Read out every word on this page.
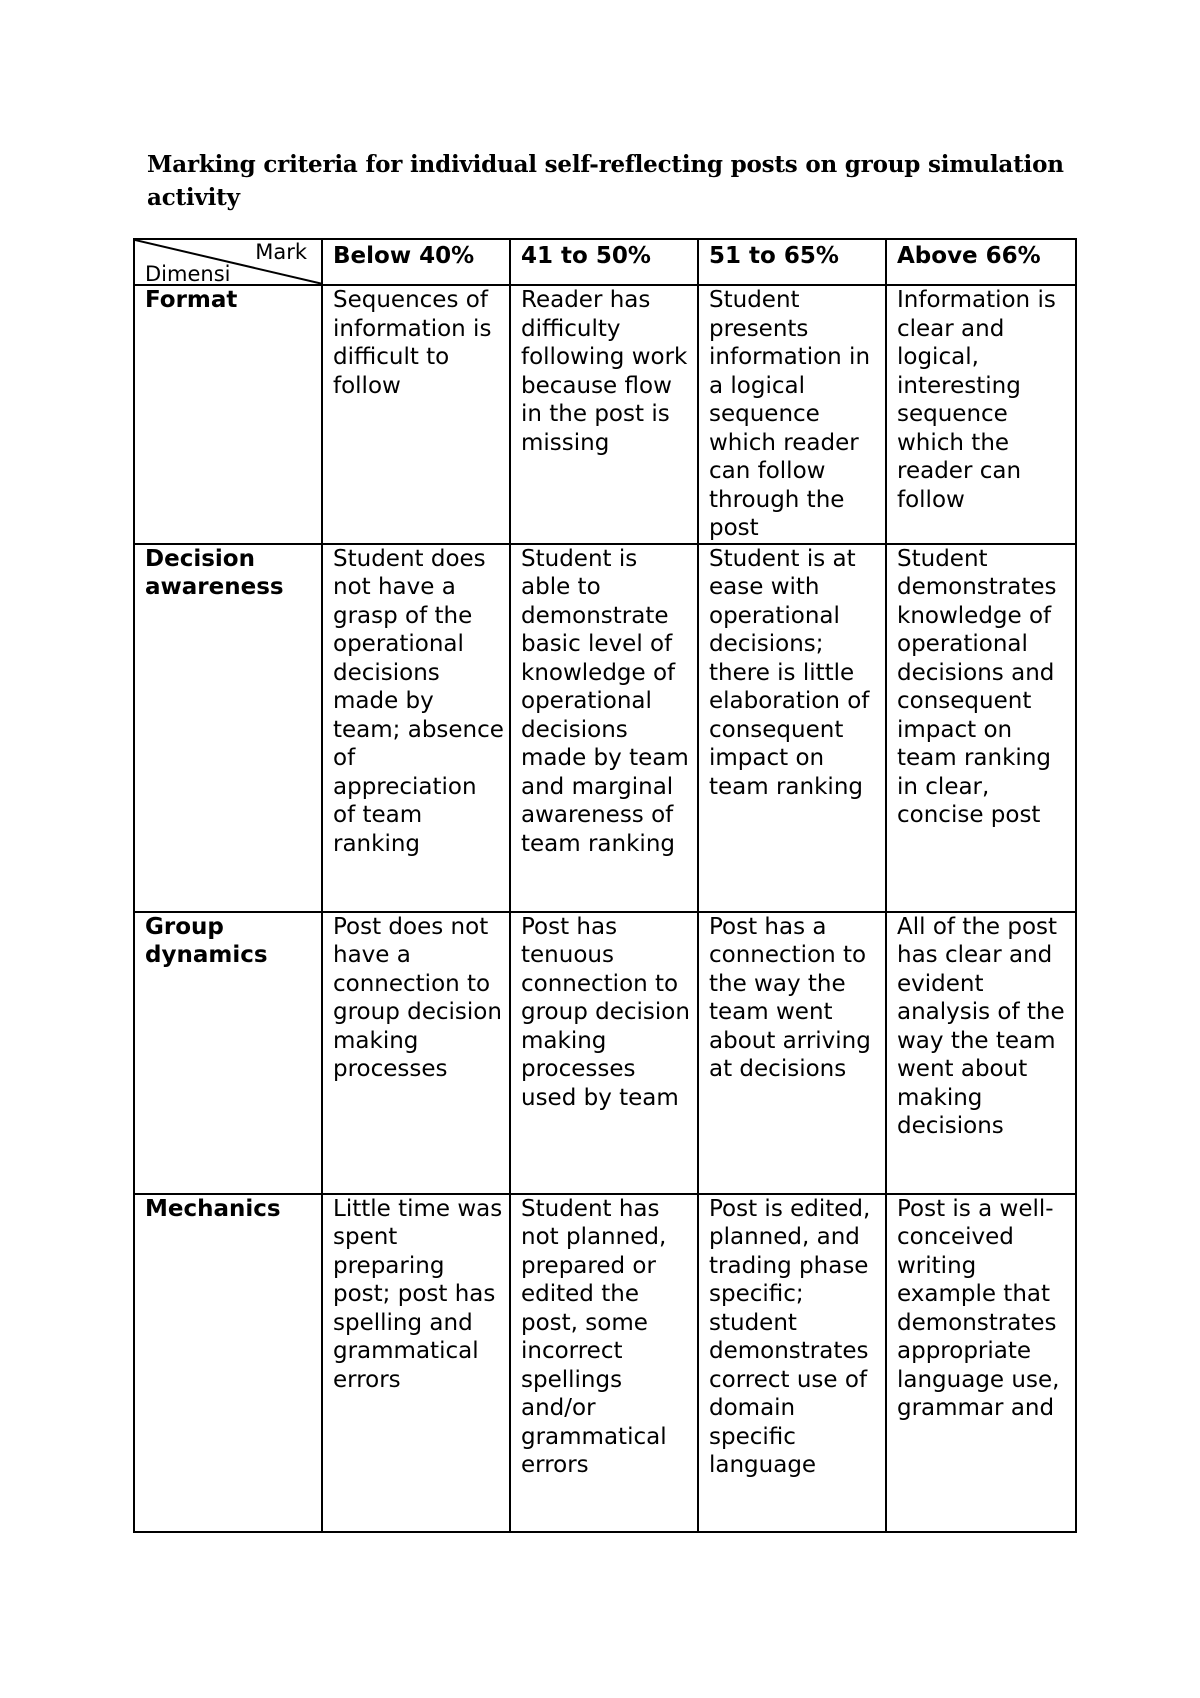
Marking criteria for individual self-reflecting posts on group simulation activity
Mark
Dimensi	Below 40%	41 to 50%	51 to 65%	Above 66%
Format	Sequences of information is difficult to follow	Reader has difficulty following work because flow in the post is missing	Student presents information in a logical sequence which reader can follow through the post	Information is clear and logical, interesting sequence which the reader can follow
Decision awareness	Student does not have a grasp of the operational decisions made by team; absence of appreciation of team ranking	Student is able to demonstrate basic level of knowledge of operational decisions made by team and marginal awareness of team ranking	Student is at ease with operational decisions; there is little elaboration of consequent impact on team ranking	Student demonstrates knowledge of operational decisions and consequent impact on team ranking in clear, concise post
Group dynamics	Post does not have a connection to group decision making processes	Post has tenuous connection to group decision making processes used by team	Post has a connection to the way the team went about arriving at decisions	All of the post has clear and evident analysis of the way the team went about making decisions
Mechanics	Little time was spent preparing post; post has spelling and grammatical errors	Student has not planned, prepared or edited the post, some incorrect spellings and/or grammatical errors	Post is edited, planned, and trading phase specific; student demonstrates correct use of domain specific language	Post is a well-conceived writing example that demonstrates appropriate language use, grammar and
